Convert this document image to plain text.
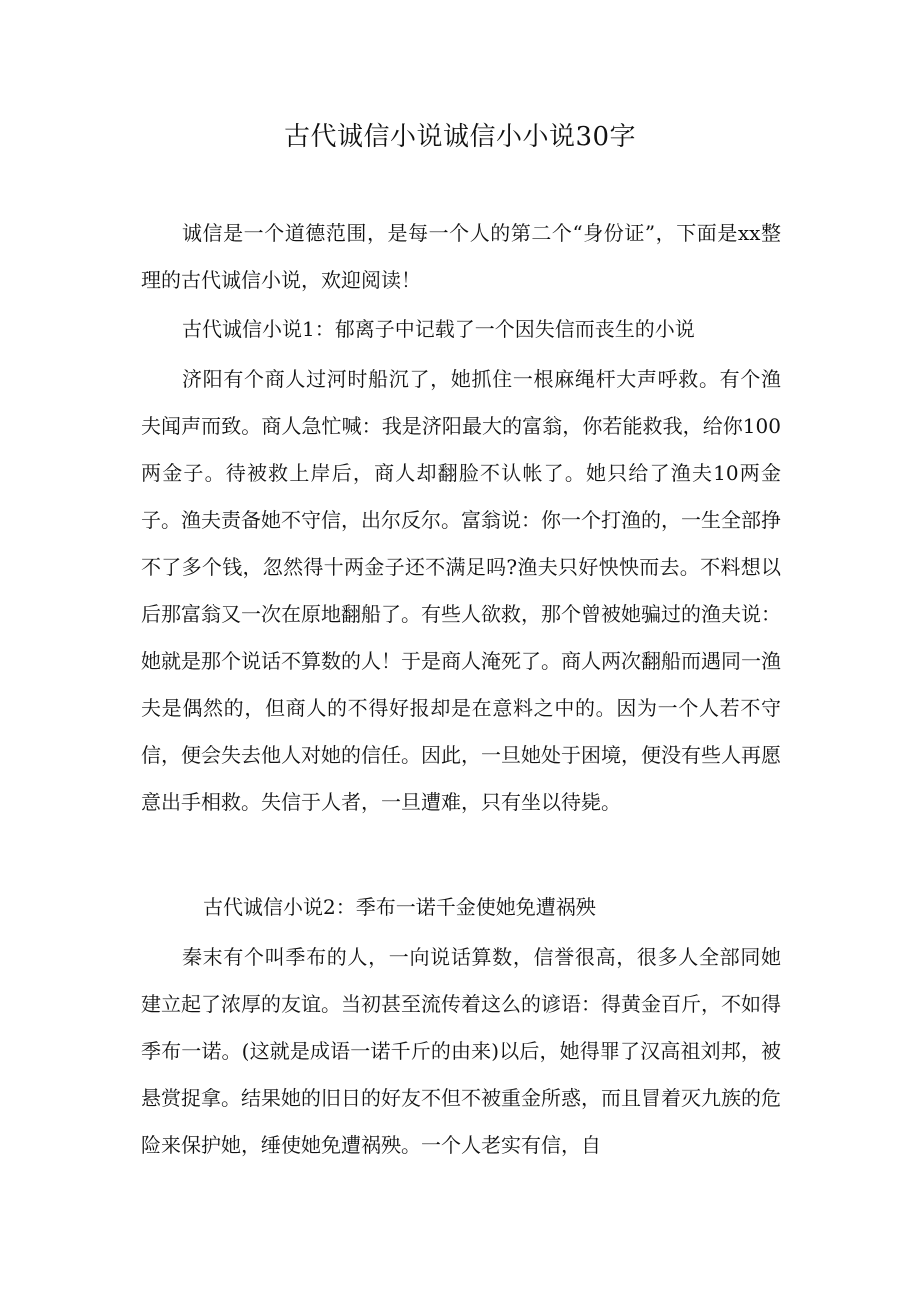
古代诚信小说诚信小小说30字

诚信是一个道德范围，是每一个人的第二个“身份证”，下面是xx整理的古代诚信小说，欢迎阅读！

古代诚信小说1：郁离子中记载了一个因失信而丧生的小说

济阳有个商人过河时船沉了，她抓住一根麻绳杆大声呼救。有个渔夫闻声而致。商人急忙喊：我是济阳最大的富翁，你若能救我，给你100两金子。待被救上岸后，商人却翻脸不认帐了。她只给了渔夫10两金子。渔夫责备她不守信，出尔反尔。富翁说：你一个打渔的，一生全部挣不了多个钱，忽然得十两金子还不满足吗?渔夫只好怏怏而去。不料想以后那富翁又一次在原地翻船了。有些人欲救，那个曾被她骗过的渔夫说：她就是那个说话不算数的人！于是商人淹死了。商人两次翻船而遇同一渔夫是偶然的，但商人的不得好报却是在意料之中的。因为一个人若不守信，便会失去他人对她的信任。因此，一旦她处于困境，便没有些人再愿意出手相救。失信于人者，一旦遭难，只有坐以待毙。

古代诚信小说2：季布一诺千金使她免遭祸殃

秦末有个叫季布的人，一向说话算数，信誉很高，很多人全部同她建立起了浓厚的友谊。当初甚至流传着这么的谚语：得黄金百斤，不如得季布一诺。(这就是成语一诺千斤的由来)以后，她得罪了汉高祖刘邦，被悬赏捉拿。结果她的旧日的好友不但不被重金所惑，而且冒着灭九族的危险来保护她，缍使她免遭祸殃。一个人老实有信，自
